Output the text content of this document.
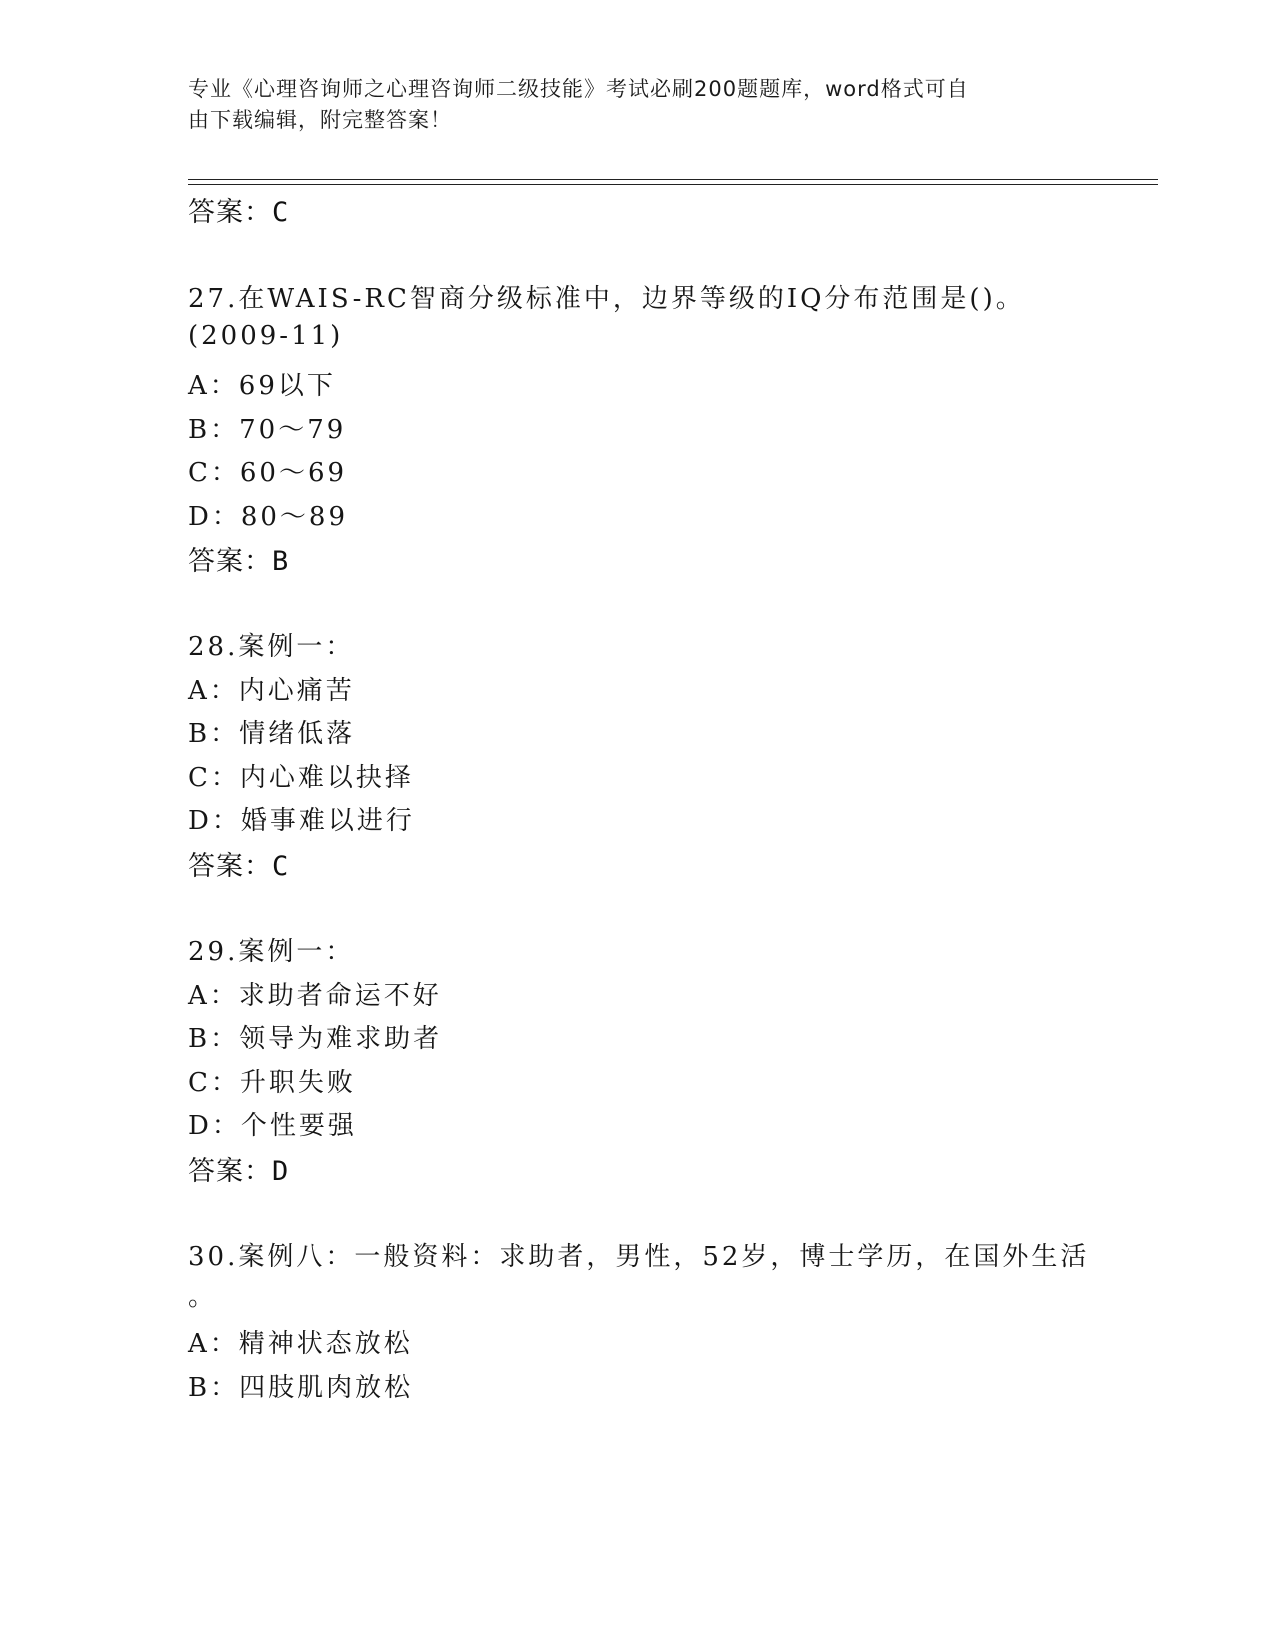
专业《心理咨询师之心理咨询师二级技能》考试必刷200题题库，word格式可自
由下载编辑，附完整答案！
答案：C
27.在WAIS-RC智商分级标准中，边界等级的IQ分布范围是()。
(2009-11)
A：69以下
B：70～79
C：60～69
D：80～89
答案：B
28.案例一：
A：内心痛苦
B：情绪低落
C：内心难以抉择
D：婚事难以进行
答案：C
29.案例一：
A：求助者命运不好
B：领导为难求助者
C：升职失败
D：个性要强
答案：D
30.案例八：一般资料：求助者，男性，52岁，博士学历，在国外生活
。
A：精神状态放松
B：四肢肌肉放松
